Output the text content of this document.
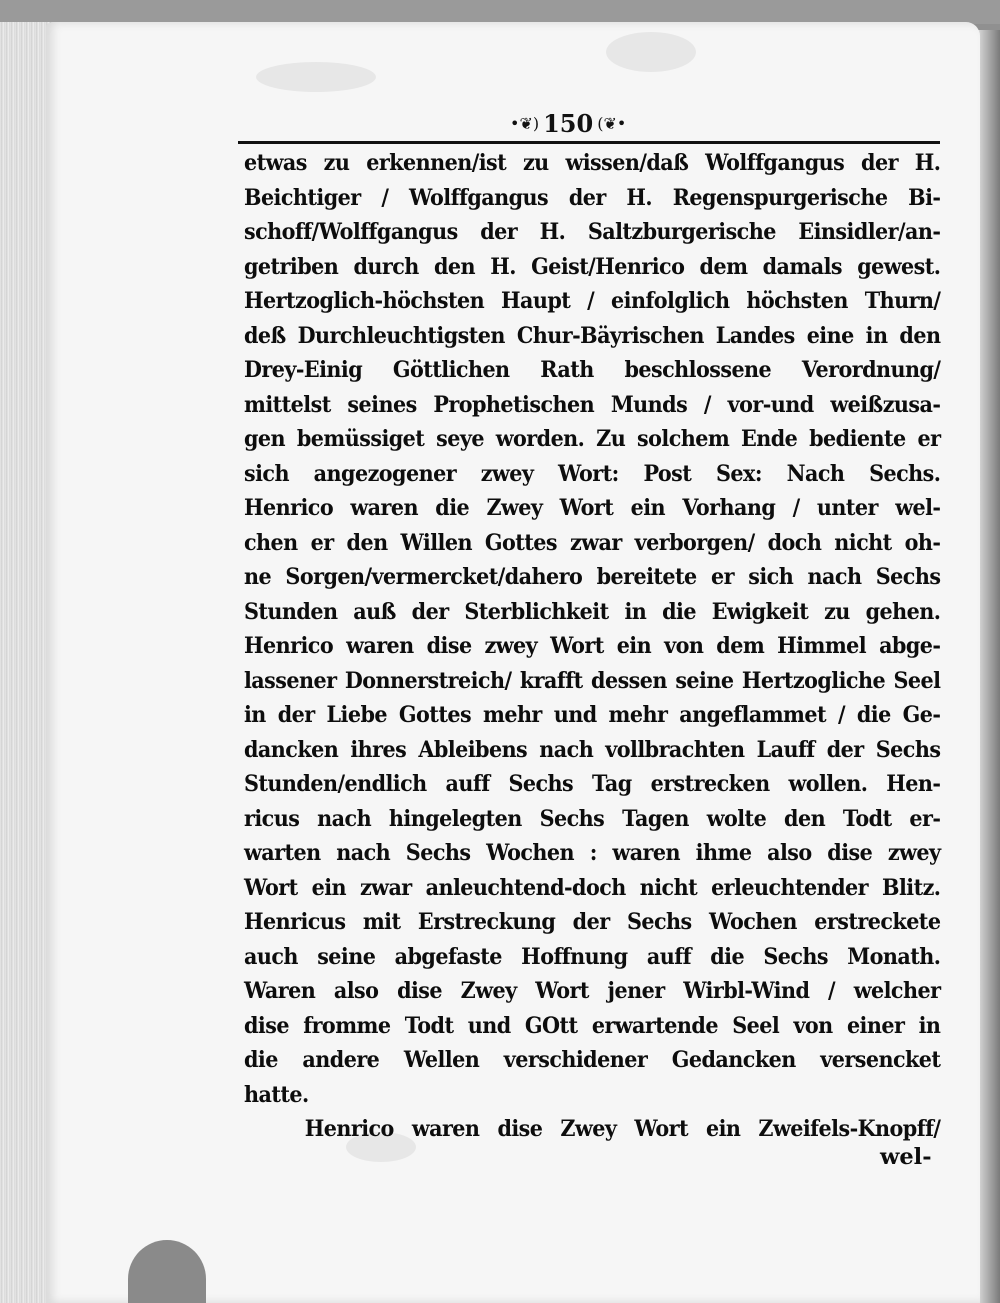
•❦) 150 (❦•
etwas zu erkennen/ist zu wissen/daß Wolffgangus der H.
Beichtiger / Wolffgangus der H. Regenspurgerische Bi-
schoff/Wolffgangus der H. Saltzburgerische Einsidler/an-
getriben durch den H. Geist/Henrico dem damals gewest.
Hertzoglich-höchsten Haupt / einfolglich höchsten Thurn/
deß Durchleuchtigsten Chur-Bäyrischen Landes eine in den
Drey-Einig Göttlichen Rath beschlossene Verordnung/
mittelst seines Prophetischen Munds / vor-und weißzusa-
gen bemüssiget seye worden. Zu solchem Ende bediente er
sich angezogener zwey Wort: Post Sex: Nach Sechs.
Henrico waren die Zwey Wort ein Vorhang / unter wel-
chen er den Willen Gottes zwar verborgen/ doch nicht oh-
ne Sorgen/vermercket/dahero bereitete er sich nach Sechs
Stunden auß der Sterblichkeit in die Ewigkeit zu gehen.
Henrico waren dise zwey Wort ein von dem Himmel abge-
lassener Donnerstreich/ krafft dessen seine Hertzogliche Seel
in der Liebe Gottes mehr und mehr angeflammet / die Ge-
dancken ihres Ableibens nach vollbrachten Lauff der Sechs
Stunden/endlich auff Sechs Tag erstrecken wollen. Hen-
ricus nach hingelegten Sechs Tagen wolte den Todt er-
warten nach Sechs Wochen : waren ihme also dise zwey
Wort ein zwar anleuchtend-doch nicht erleuchtender Blitz.
Henricus mit Erstreckung der Sechs Wochen erstreckete
auch seine abgefaste Hoffnung auff die Sechs Monath.
Waren also dise Zwey Wort jener Wirbl-Wind / welcher
dise fromme Todt und GOtt erwartende Seel von einer in
die andere Wellen verschidener Gedancken versencket
hatte.
Henrico waren dise Zwey Wort ein Zweifels-Knopff/
wel-
